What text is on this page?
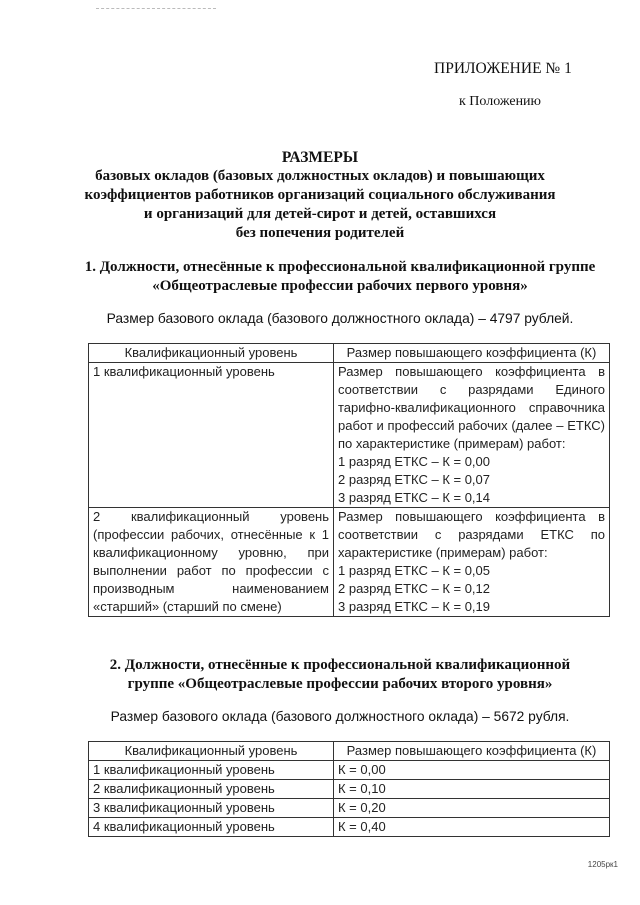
ПРИЛОЖЕНИЕ № 1
к Положению
РАЗМЕРЫ
базовых окладов (базовых должностных окладов) и повышающих
коэффициентов работников организаций социального обслуживания
и организаций для детей-сирот и детей, оставшихся
без попечения родителей
1. Должности, отнесённые к профессиональной квалификационной группе
«Общеотраслевые профессии рабочих первого уровня»
Размер базового оклада (базового должностного оклада) – 4797 рублей.
Квалификационный уровень	Размер повышающего коэффициента (К)
1 квалификационный уровень	Размер повышающего коэффициента в соответствии с разрядами Единого тарифно-квалификационного справочника работ и профессий рабочих (далее – ЕТКС) по характеристике (примерам) работ:
1 разряд ЕТКС – К = 0,00
2 разряд ЕТКС – К = 0,07
3 разряд ЕТКС – К = 0,14

2 квалификационный уровень (профессии рабочих, отнесённые к 1 квалификационному уровню, при выполнении работ по профессии с производным наименованием «старший» (старший по смене)	Размер повышающего коэффициента в соответствии с разрядами ЕТКС по характеристике (примерам) работ:
1 разряд ЕТКС – К = 0,05
2 разряд ЕТКС – К = 0,12
3 разряд ЕТКС – К = 0,19
2. Должности, отнесённые к профессиональной квалификационной
группе «Общеотраслевые профессии рабочих второго уровня»
Размер базового оклада (базового должностного оклада) – 5672 рубля.
Квалификационный уровень	Размер повышающего коэффициента (К)
1 квалификационный уровень	К = 0,00
2 квалификационный уровень	К = 0,10
3 квалификационный уровень	К = 0,20
4 квалификационный уровень	К = 0,40
1205рк1
